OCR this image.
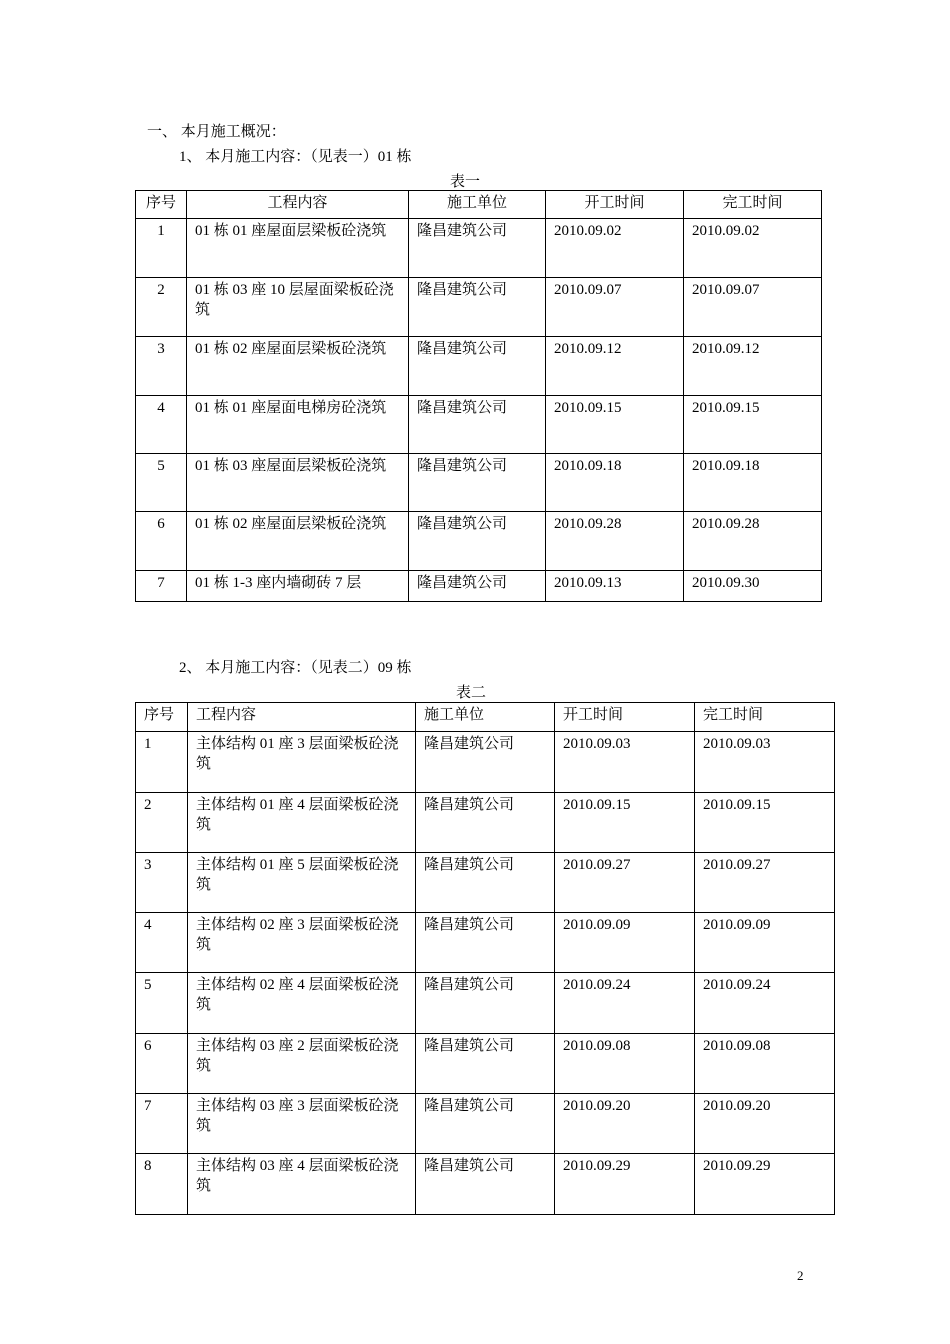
一、 本月施工概况：
1、 本月施工内容：（见表一）01 栋
表一
序号	工程内容	施工单位	开工时间	完工时间
1	01 栋 01 座屋面层梁板砼浇筑	隆昌建筑公司	2010.09.02	2010.09.02
2	01 栋 03 座 10 层屋面梁板砼浇筑	隆昌建筑公司	2010.09.07	2010.09.07
3	01 栋 02 座屋面层梁板砼浇筑	隆昌建筑公司	2010.09.12	2010.09.12
4	01 栋 01 座屋面电梯房砼浇筑	隆昌建筑公司	2010.09.15	2010.09.15
5	01 栋 03 座屋面层梁板砼浇筑	隆昌建筑公司	2010.09.18	2010.09.18
6	01 栋 02 座屋面层梁板砼浇筑	隆昌建筑公司	2010.09.28	2010.09.28
7	01 栋 1-3 座内墙砌砖 7 层	隆昌建筑公司	2010.09.13	2010.09.30
2、 本月施工内容：（见表二）09 栋
表二
序号	工程内容	施工单位	开工时间	完工时间
1	主体结构 01 座 3 层面梁板砼浇筑	隆昌建筑公司	2010.09.03	2010.09.03
2	主体结构 01 座 4 层面梁板砼浇筑	隆昌建筑公司	2010.09.15	2010.09.15
3	主体结构 01 座 5 层面梁板砼浇筑	隆昌建筑公司	2010.09.27	2010.09.27
4	主体结构 02 座 3 层面梁板砼浇筑	隆昌建筑公司	2010.09.09	2010.09.09
5	主体结构 02 座 4 层面梁板砼浇筑	隆昌建筑公司	2010.09.24	2010.09.24
6	主体结构 03 座 2 层面梁板砼浇筑	隆昌建筑公司	2010.09.08	2010.09.08
7	主体结构 03 座 3 层面梁板砼浇筑	隆昌建筑公司	2010.09.20	2010.09.20
8	主体结构 03 座 4 层面梁板砼浇筑	隆昌建筑公司	2010.09.29	2010.09.29
2
